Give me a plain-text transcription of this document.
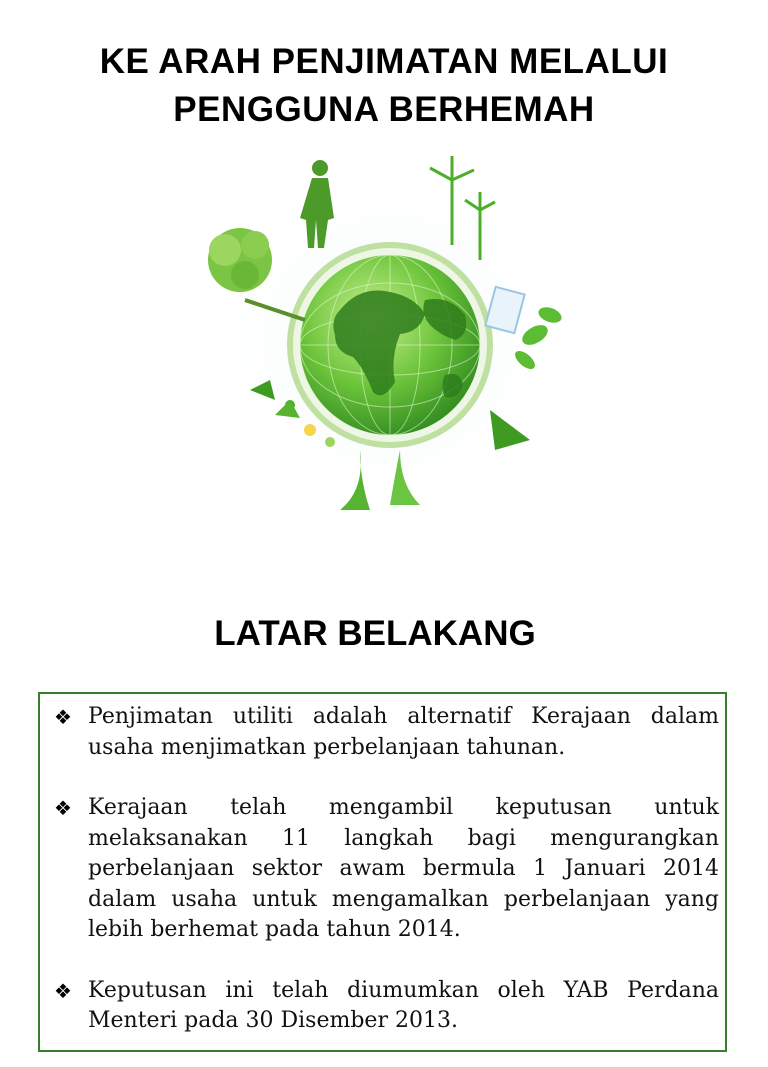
KE ARAH PENJIMATAN MELALUI
PENGGUNA BERHEMAH
LATAR BELAKANG
❖ Penjimatan utiliti adalah alternatif Kerajaan dalam usaha menjimatkan perbelanjaan tahunan.
❖ Kerajaan telah mengambil keputusan untuk melaksanakan 11 langkah bagi mengurangkan perbelanjaan sektor awam bermula 1 Januari 2014 dalam usaha untuk mengamalkan perbelanjaan yang lebih berhemat pada tahun 2014.
❖ Keputusan ini telah diumumkan oleh YAB Perdana Menteri pada 30 Disember 2013.
